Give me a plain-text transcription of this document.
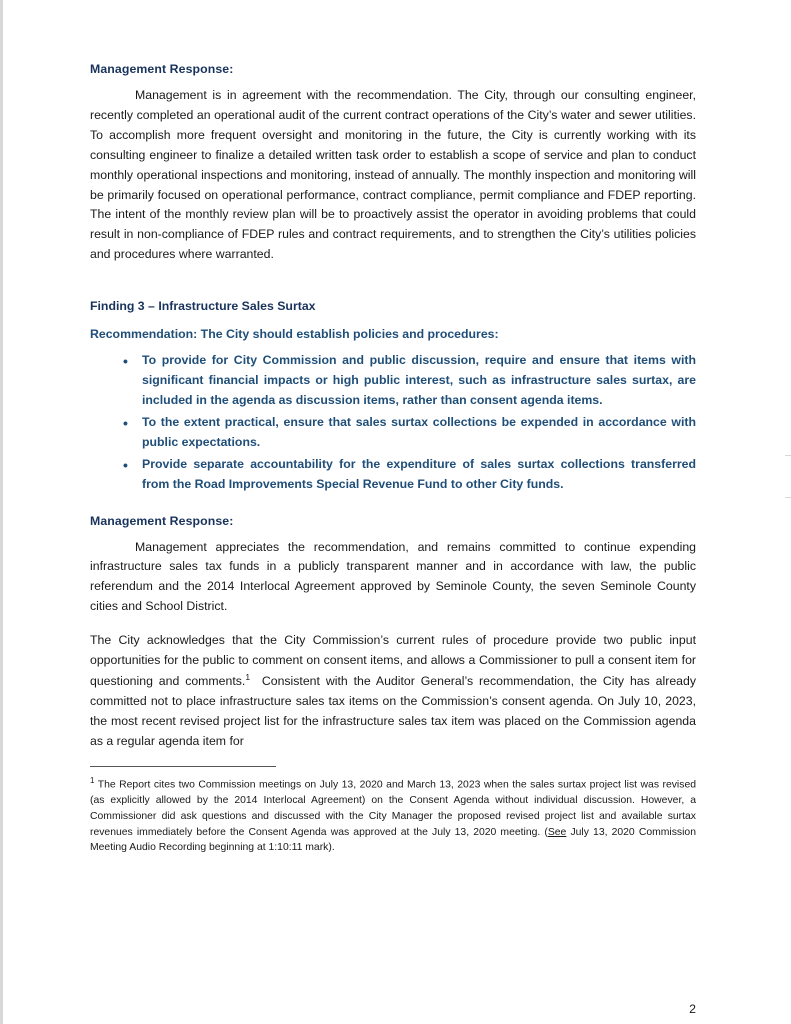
Management Response:

Management is in agreement with the recommendation. The City, through our consulting engineer, recently completed an operational audit of the current contract operations of the City’s water and sewer utilities. To accomplish more frequent oversight and monitoring in the future, the City is currently working with its consulting engineer to finalize a detailed written task order to establish a scope of service and plan to conduct monthly operational inspections and monitoring, instead of annually. The monthly inspection and monitoring will be primarily focused on operational performance, contract compliance, permit compliance and FDEP reporting. The intent of the monthly review plan will be to proactively assist the operator in avoiding problems that could result in non-compliance of FDEP rules and contract requirements, and to strengthen the City’s utilities policies and procedures where warranted.

Finding 3 – Infrastructure Sales Surtax

Recommendation: The City should establish policies and procedures:

• To provide for City Commission and public discussion, require and ensure that items with significant financial impacts or high public interest, such as infrastructure sales surtax, are included in the agenda as discussion items, rather than consent agenda items.
• To the extent practical, ensure that sales surtax collections be expended in accordance with public expectations.
• Provide separate accountability for the expenditure of sales surtax collections transferred from the Road Improvements Special Revenue Fund to other City funds.
Management Response:

Management appreciates the recommendation, and remains committed to continue expending infrastructure sales tax funds in a publicly transparent manner and in accordance with law, the public referendum and the 2014 Interlocal Agreement approved by Seminole County, the seven Seminole County cities and School District.

The City acknowledges that the City Commission’s current rules of procedure provide two public input opportunities for the public to comment on consent items, and allows a Commissioner to pull a consent item for questioning and comments.$^1$ Consistent with the Auditor General’s recommendation, the City has already committed not to place infrastructure sales tax items on the Commission’s consent agenda. On July 10, 2023, the most recent revised project list for the infrastructure sales tax item was placed on the Commission agenda as a regular agenda item for

$^1$ The Report cites two Commission meetings on July 13, 2020 and March 13, 2023 when the sales surtax project list was revised (as explicitly allowed by the 2014 Interlocal Agreement) on the Consent Agenda without individual discussion. However, a Commissioner did ask questions and discussed with the City Manager the proposed revised project list and available surtax revenues immediately before the Consent Agenda was approved at the July 13, 2020 meeting. (See July 13, 2020 Commission Meeting Audio Recording beginning at 1:10:11 mark).

2
